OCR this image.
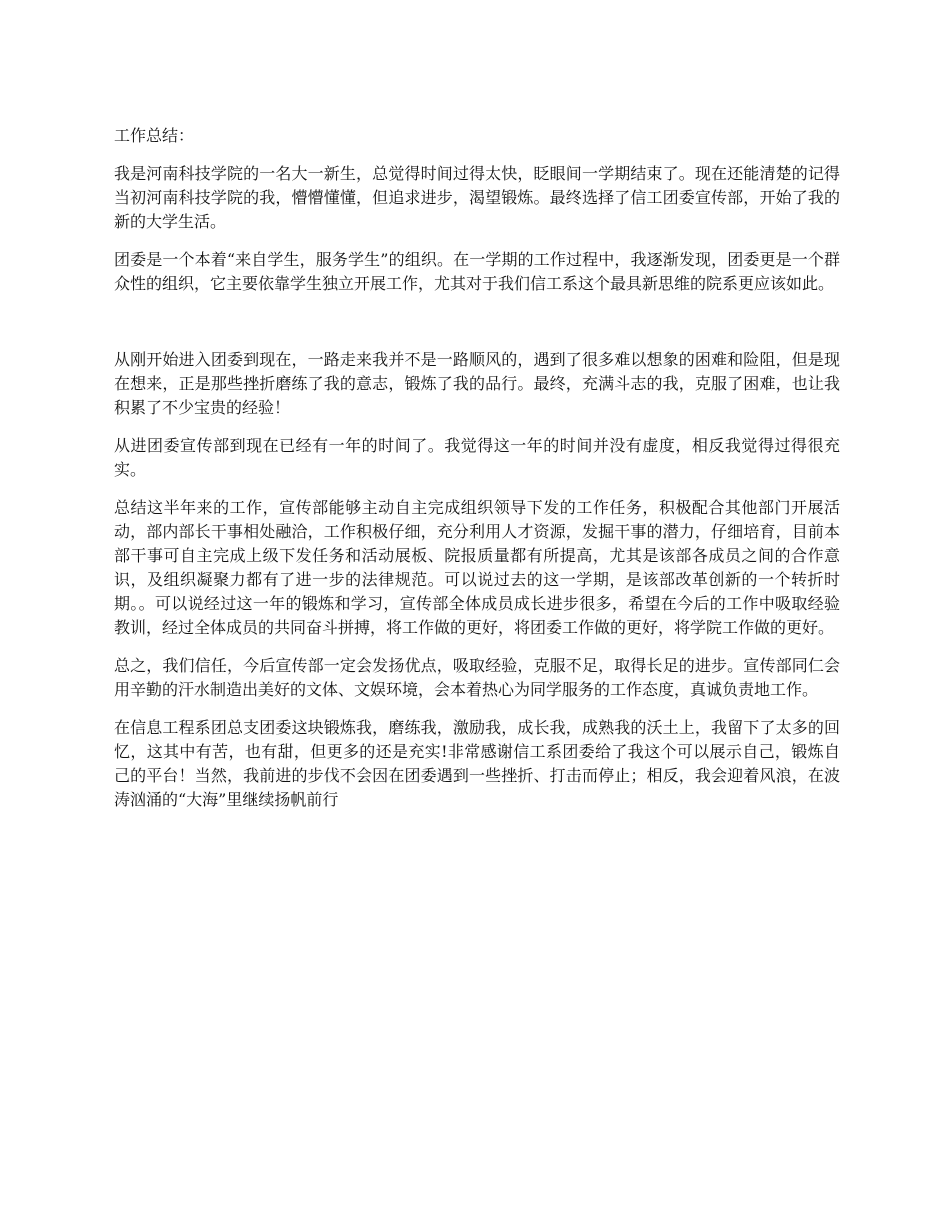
工作总结：

我是河南科技学院的一名大一新生，总觉得时间过得太快，眨眼间一学期结束了。现在还能清楚的记得当初河南科技学院的我，懵懵懂懂，但追求进步，渴望锻炼。最终选择了信工团委宣传部，开始了我的新的大学生活。

团委是一个本着“来自学生，服务学生”的组织。在一学期的工作过程中，我逐渐发现，团委更是一个群众性的组织，它主要依靠学生独立开展工作，尤其对于我们信工系这个最具新思维的院系更应该如此。

从刚开始进入团委到现在，一路走来我并不是一路顺风的，遇到了很多难以想象的困难和险阻，但是现在想来，正是那些挫折磨练了我的意志，锻炼了我的品行。最终，充满斗志的我，克服了困难，也让我积累了不少宝贵的经验！

从进团委宣传部到现在已经有一年的时间了。我觉得这一年的时间并没有虚度，相反我觉得过得很充实。

总结这半年来的工作，宣传部能够主动自主完成组织领导下发的工作任务，积极配合其他部门开展活动，部内部长干事相处融洽，工作积极仔细，充分利用人才资源，发掘干事的潜力，仔细培育，目前本部干事可自主完成上级下发任务和活动展板、院报质量都有所提高，尤其是该部各成员之间的合作意识，及组织凝聚力都有了进一步的法律规范。可以说过去的这一学期，是该部改革创新的一个转折时期。。可以说经过这一年的锻炼和学习，宣传部全体成员成长进步很多，希望在今后的工作中吸取经验教训，经过全体成员的共同奋斗拼搏，将工作做的更好，将团委工作做的更好，将学院工作做的更好。

总之，我们信任，今后宣传部一定会发扬优点，吸取经验，克服不足，取得长足的进步。宣传部同仁会用辛勤的汗水制造出美好的文体、文娱环境，会本着热心为同学服务的工作态度，真诚负责地工作。

在信息工程系团总支团委这块锻炼我，磨练我，激励我，成长我，成熟我的沃土上，我留下了太多的回忆，这其中有苦，也有甜，但更多的还是充实!非常感谢信工系团委给了我这个可以展示自己，锻炼自己的平台！当然，我前进的步伐不会因在团委遇到一些挫折、打击而停止；相反，我会迎着风浪，在波涛汹涌的“大海”里继续扬帆前行
